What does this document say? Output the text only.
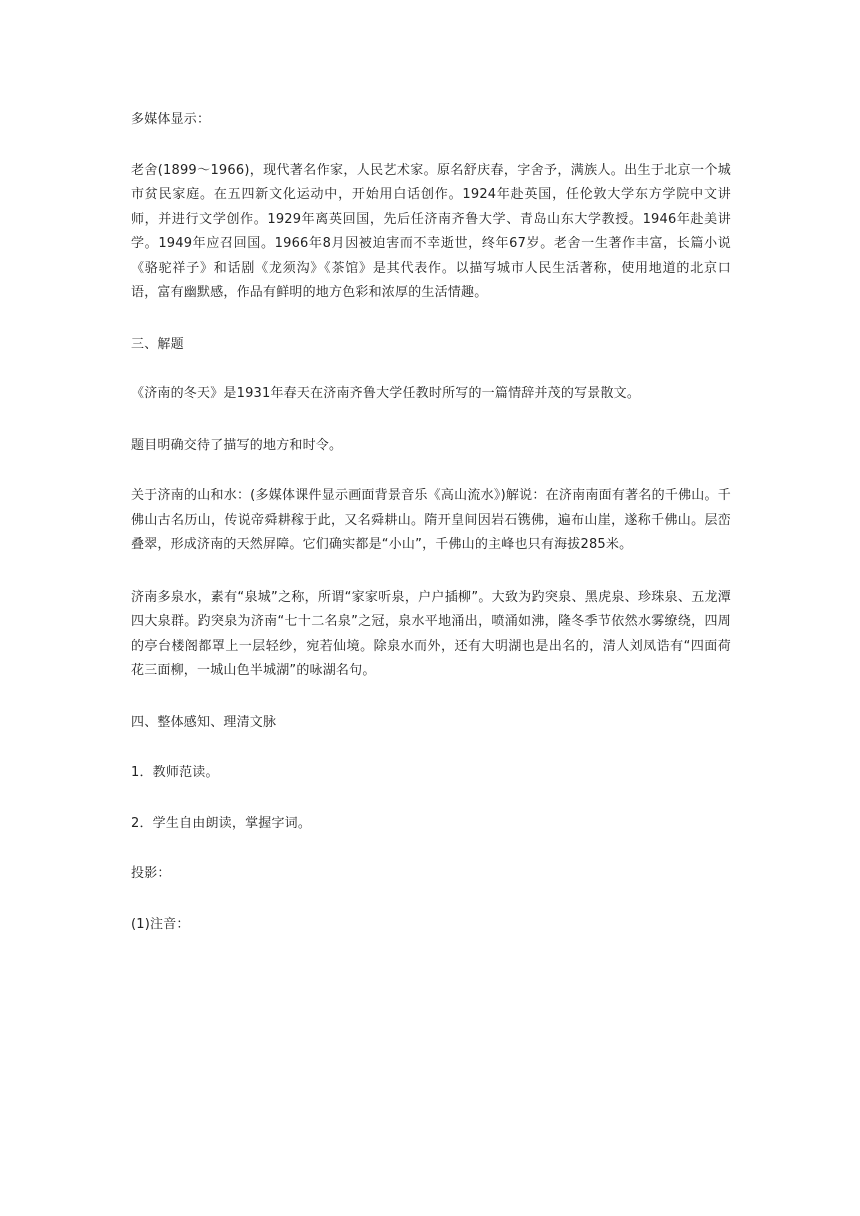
多媒体显示：

老舍(1899～1966)，现代著名作家，人民艺术家。原名舒庆春，字舍予，满族人。出生于北京一个城市贫民家庭。在五四新文化运动中，开始用白话创作。1924年赴英国，任伦敦大学东方学院中文讲师，并进行文学创作。1929年离英回国，先后任济南齐鲁大学、青岛山东大学教授。1946年赴美讲学。1949年应召回国。1966年8月因被迫害而不幸逝世，终年67岁。老舍一生著作丰富，长篇小说《骆驼祥子》和话剧《龙须沟》《茶馆》是其代表作。以描写城市人民生活著称，使用地道的北京口语，富有幽默感，作品有鲜明的地方色彩和浓厚的生活情趣。

三、解题

《济南的冬天》是1931年春天在济南齐鲁大学任教时所写的一篇情辞并茂的写景散文。

题目明确交待了描写的地方和时令。

关于济南的山和水：(多媒体课件显示画面背景音乐《高山流水》)解说：在济南南面有著名的千佛山。千佛山古名历山，传说帝舜耕稼于此，又名舜耕山。隋开皇间因岩石镌佛，遍布山崖，遂称千佛山。层峦叠翠，形成济南的天然屏障。它们确实都是“小山”，千佛山的主峰也只有海拔285米。

济南多泉水，素有“泉城”之称，所谓“家家听泉，户户插柳”。大致为趵突泉、黑虎泉、珍珠泉、五龙潭四大泉群。趵突泉为济南“七十二名泉”之冠，泉水平地涌出，喷涌如沸，隆冬季节依然水雾缭绕，四周的亭台楼阁都罩上一层轻纱，宛若仙境。除泉水而外，还有大明湖也是出名的，清人刘凤诰有“四面荷花三面柳，一城山色半城湖”的咏湖名句。

四、整体感知、理清文脉

1．教师范读。

2．学生自由朗读，掌握字词。

投影：

(1)注音：
